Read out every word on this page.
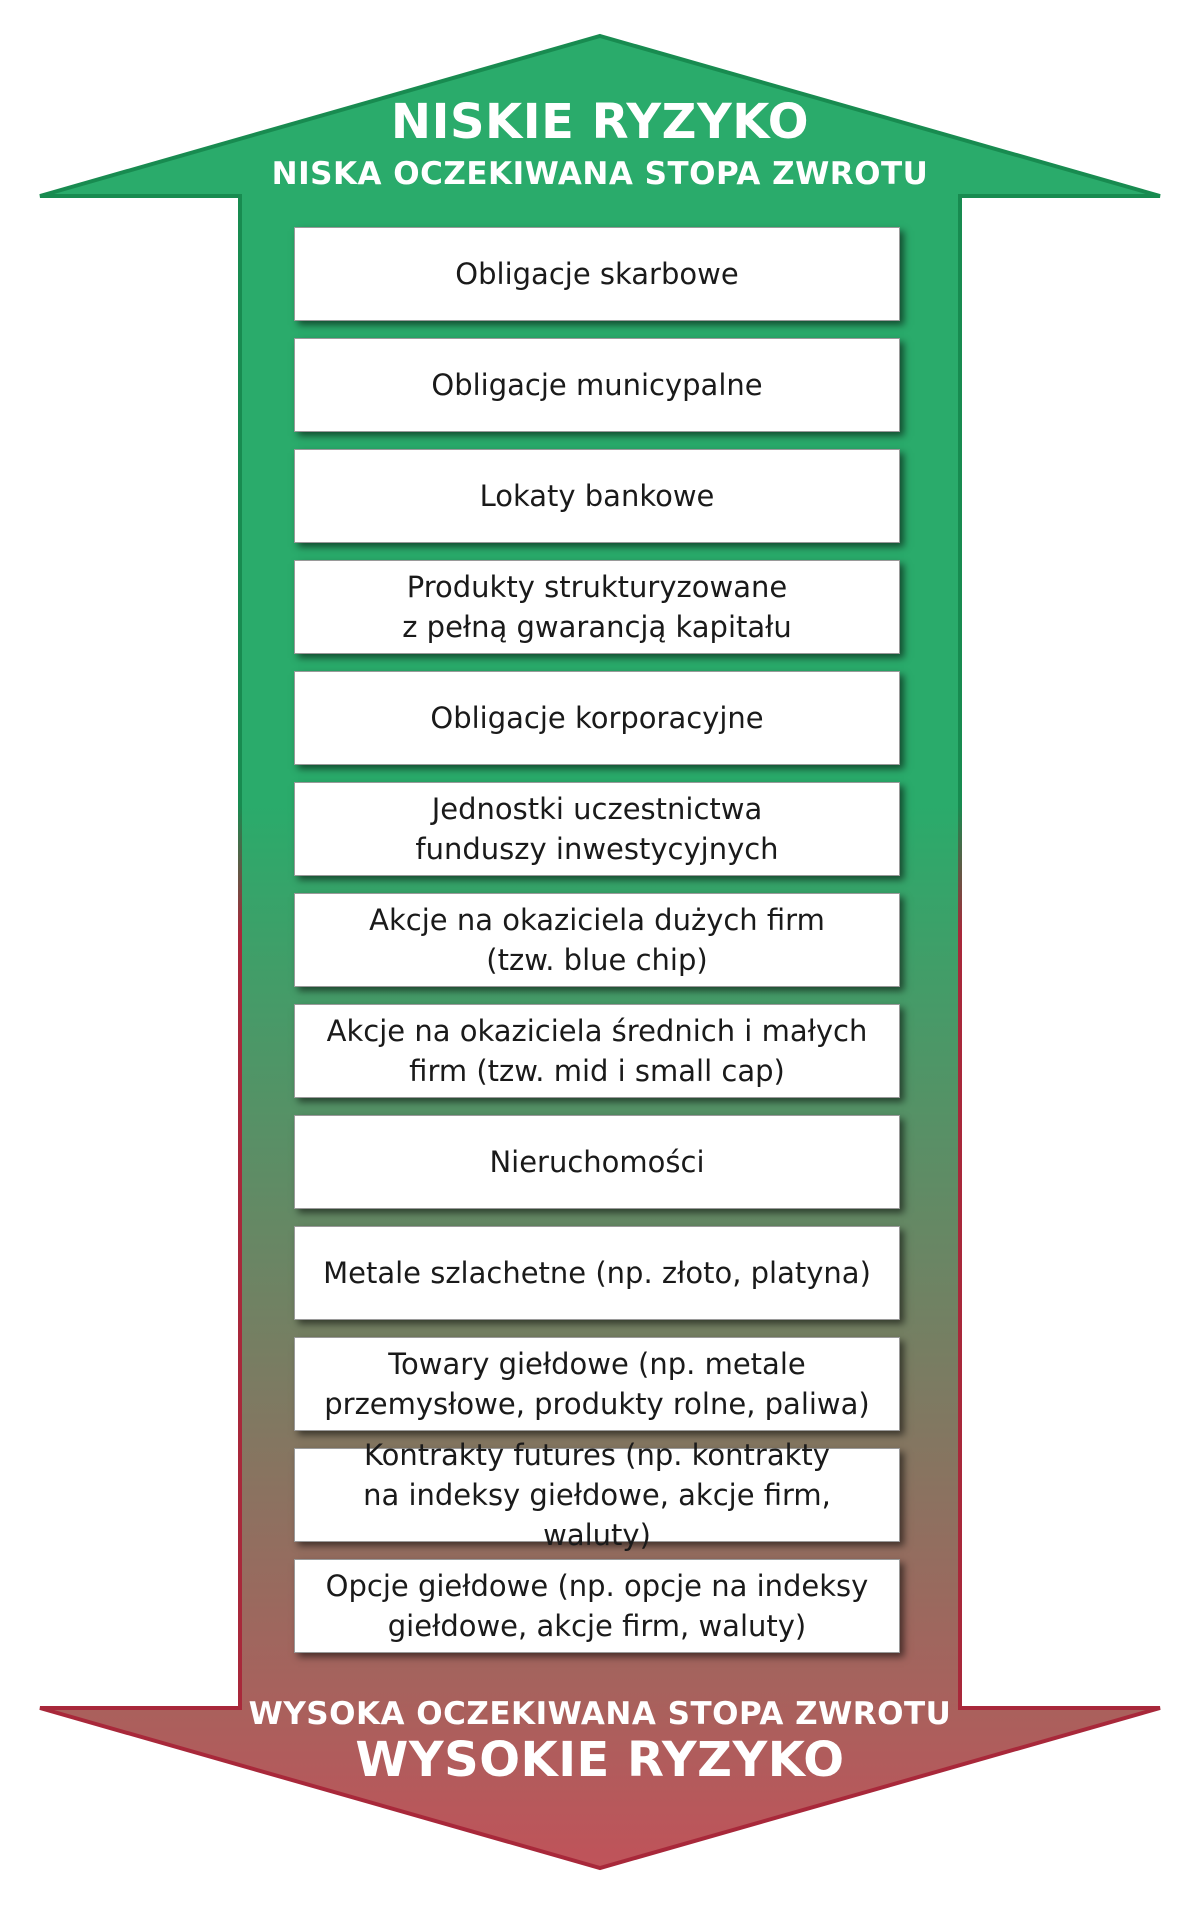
NISKIE RYZYKO
NISKA OCZEKIWANA STOPA ZWROTU
Obligacje skarbowe
Obligacje municypalne
Lokaty bankowe
Produkty strukturyzowane
z pełną gwarancją kapitału
Obligacje korporacyjne
Jednostki uczestnictwa
funduszy inwestycyjnych
Akcje na okaziciela dużych firm
(tzw. blue chip)
Akcje na okaziciela średnich i małych
firm (tzw. mid i small cap)
Nieruchomości
Metale szlachetne (np. złoto, platyna)
Towary giełdowe (np. metale
przemysłowe, produkty rolne, paliwa)
Kontrakty futures (np. kontrakty
na indeksy giełdowe, akcje firm, waluty)
Opcje giełdowe (np. opcje na indeksy
giełdowe, akcje firm, waluty)
WYSOKA OCZEKIWANA STOPA ZWROTU
WYSOKIE RYZYKO
